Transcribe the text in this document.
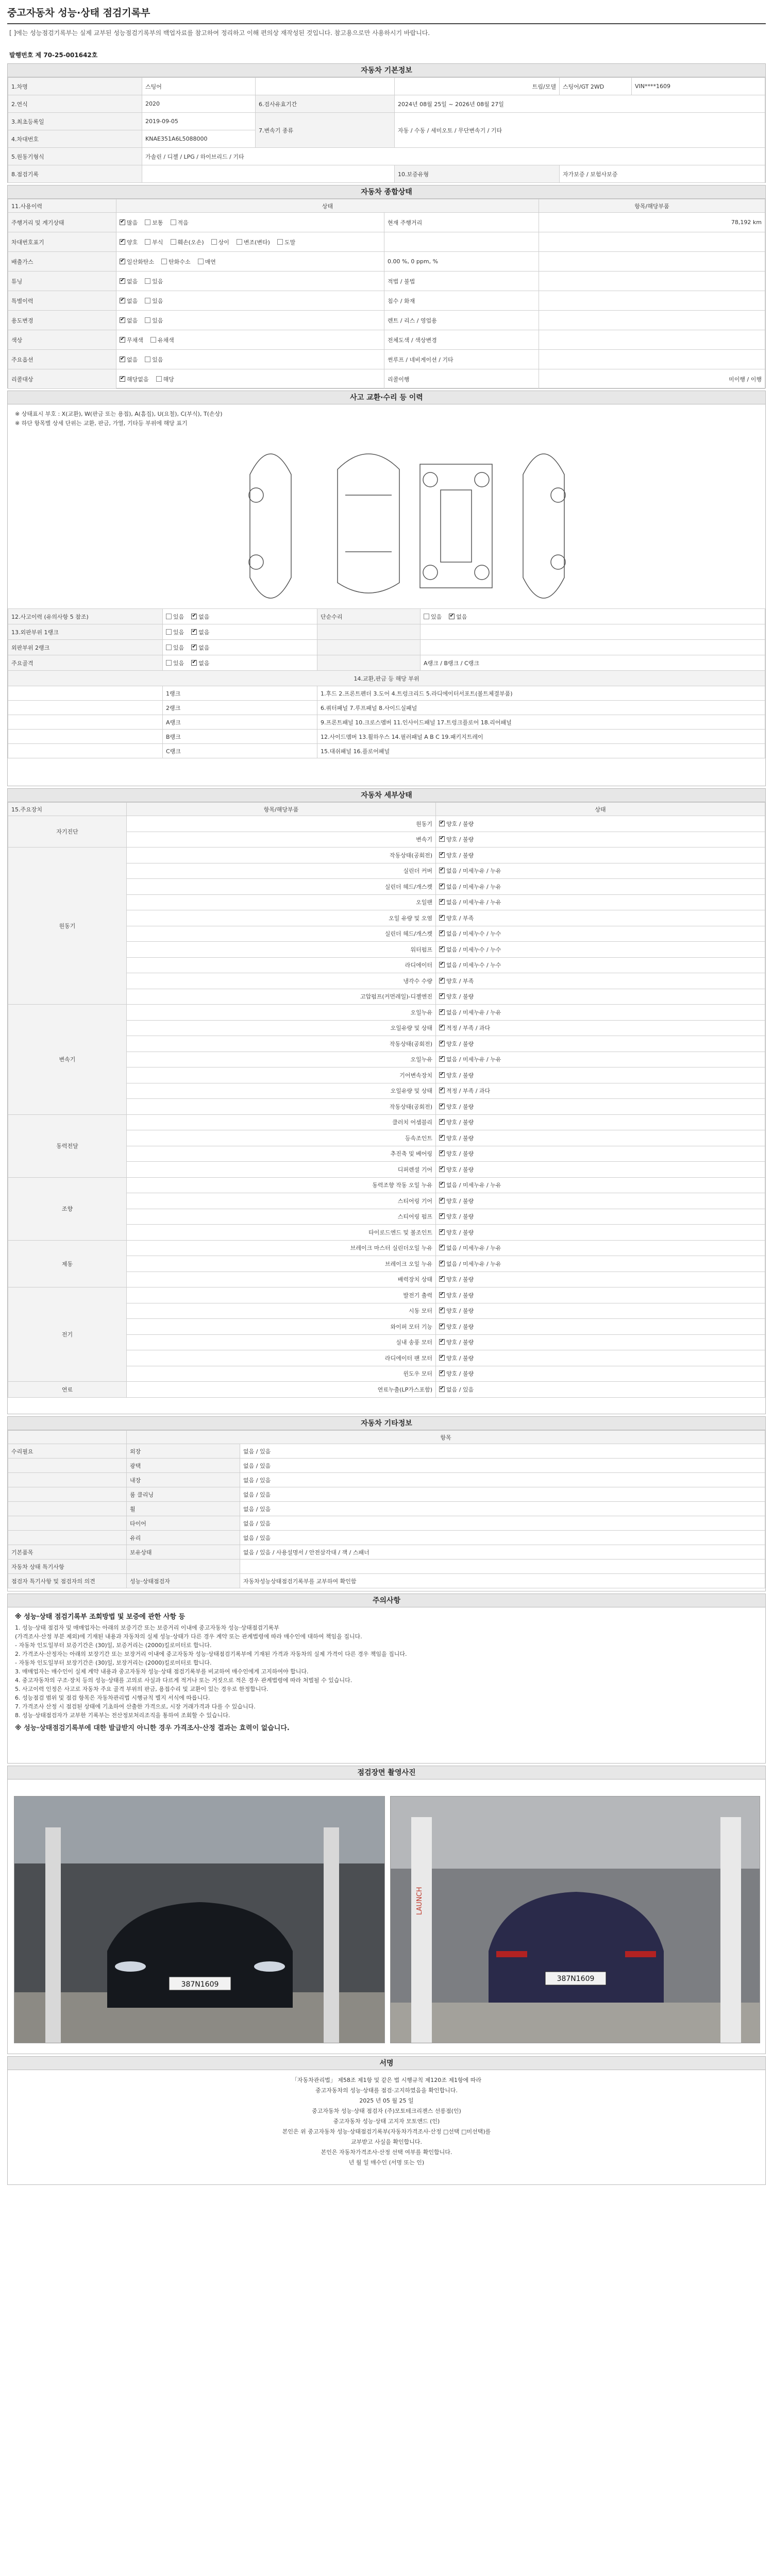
중고자동차 성능·상태 점검기록부
[ ]에는 성능점검기록부는 실제 교부된 성능점검기록부의 백업자료를 참고하여 정리하고 이해 편의상 재작성된 것입니다. 참고용으로만 사용하시기 바랍니다.
발행번호 제 70-25-001642호
자동차 기본정보
1.차명	스팅어		트림/모델	스팅어/GT 2WD	VIN****1609
2.연식	2020	6.검사유효기간	2024년 08월 25일 ~ 2026년 08월 27일		
3.최초등록일	2019-09-05	7.변속기 종류	자동 / 수동 / 세미오토 / 무단변속기 / 기타		
4.차대번호	KNAE351A6L5088000				
5.원동기형식	가솔린 / 디젤 / LPG / 하이브리드 / 기타				
8.점검기록			10.보증유형	자가보증 / 보험사보증	
자동차 종합상태
11.사용이력	상태		항목/해당부품
주행거리 및 계기상태	✔많음 보통 적음	현재 주행거리	78,192 km
차대번호표기	✔양호 부식 훼손(오손) 상이 변조(변타) 도말		
배출가스	✔일산화탄소 탄화수소 매연	0.00 %, 0 ppm, %	
튜닝	✔없음 있음	적법 / 불법	
특별이력	✔없음 있음	침수 / 화재	
용도변경	✔없음 있음	렌트 / 리스 / 영업용	
색상	✔무채색 유채색	전체도색 / 색상변경	
주요옵션	✔없음 있음	썬루프 / 네비게이션 / 기타	
리콜대상	✔해당없음 해당	리콜이행	미이행 / 이행
사고 교환·수리 등 이력
※ 상태표시 부호 : X(교환), W(판금 또는 용접), A(흠집), U(요철), C(부식), T(손상)
※ 하단 항목별 상세 단위는 교환, 판금, 가열, 기타등 부위에 해당 표기
12.사고이력 (유의사항 5 참조)	있음 ✔ 없음	단순수리	있음 ✔ 없음
13.외판부위 1랭크	있음 ✔ 없음		
외판부위 2랭크	있음 ✔ 없음		
주요골격	있음 ✔ 없음		A랭크 / B랭크 / C랭크
14.교환,판금 등 해당 부위			
	1랭크	1.후드 2.프론트펜더 3.도어 4.트렁크리드 5.라디에이터서포트(볼트체결부품)	
	2랭크	6.쿼터패널 7.루프패널 8.사이드실패널	
	A랭크	9.프론트패널 10.크로스멤버 11.인사이드패널 17.트렁크플로어 18.리어패널	
	B랭크	12.사이드멤버 13.휠하우스 14.필러패널 A B C 19.패키지트레이	
	C랭크	15.대쉬패널 16.플로어패널	
자동차 세부상태
15.주요장치	항목/해당부품	상태
자기진단	원동기	✔양호 / 불량
	변속기	✔양호 / 불량
원동기	작동상태(공회전)	✔양호 / 불량
	실린더 커버	✔없음 / 미세누유 / 누유
	실린더 헤드/개스켓	✔없음 / 미세누유 / 누유
	오일팬	✔없음 / 미세누유 / 누유
	오일 유량 및 오염	✔양호 / 부족
	실린더 헤드/개스켓	✔없음 / 미세누수 / 누수
	워터펌프	✔없음 / 미세누수 / 누수
	라디에이터	✔없음 / 미세누수 / 누수
	냉각수 수량	✔양호 / 부족
	고압펌프(커먼레일)-디젤엔진	✔양호 / 불량
변속기	오일누유	✔없음 / 미세누유 / 누유
	오일유량 및 상태	✔적정 / 부족 / 과다
	작동상태(공회전)	✔양호 / 불량
	오일누유	✔없음 / 미세누유 / 누유
	기어변속장치	✔양호 / 불량
	오일유량 및 상태	✔적정 / 부족 / 과다
	작동상태(공회전)	✔양호 / 불량
동력전달	클러치 어셈블리	✔양호 / 불량
	등속조인트	✔양호 / 불량
	추진축 및 베어링	✔양호 / 불량
	디퍼렌셜 기어	✔양호 / 불량
조향	동력조향 작동 오일 누유	✔없음 / 미세누유 / 누유
	스티어링 기어	✔양호 / 불량
	스티어링 펌프	✔양호 / 불량
	타이로드엔드 및 볼조인트	✔양호 / 불량
제동	브레이크 마스터 실린더오일 누유	✔없음 / 미세누유 / 누유
	브레이크 오일 누유	✔없음 / 미세누유 / 누유
	배력장치 상태	✔양호 / 불량
전기	발전기 출력	✔양호 / 불량
	시동 모터	✔양호 / 불량
	와이퍼 모터 기능	✔양호 / 불량
	실내 송풍 모터	✔양호 / 불량
	라디에이터 팬 모터	✔양호 / 불량
	윈도우 모터	✔양호 / 불량
연료	연료누출(LP가스포함)	✔없음 / 있음
자동차 기타정보
	항목	
수리필요	외장	없음 / 있음
	광택	없음 / 있음
	내장	없음 / 있음
	룸 클리닝	없음 / 있음
	휠	없음 / 있음
	타이어	없음 / 있음
	유리	없음 / 있음
기본품목	보유상태	없음 / 있음 / 사용설명서 / 안전삼각대 / 잭 / 스패너
자동차 상태 특기사항		
점검자 특기사항 및 점검자의 의견	성능·상태점검자	자동차성능상태점검기록부를 교부하여 확인함
주의사항
※ 성능·상태 점검기록부 조회방법 및 보증에 관한 사항 등
1. 성능·상태 점검자 및 매매업자는 아래의 보증기간 또는 보증거리 이내에 중고자동차 성능·상태점검기록부
(가격조사·산정 부분 제외)에 기재된 내용과 자동차의 실제 성능·상태가 다른 경우 계약 또는 관계법령에 따라 매수인에 대하여 책임을 집니다.
- 자동차 인도일부터 보증기간은 (30)일, 보증거리는 (2000)킬로미터로 합니다.
2. 가격조사·산정자는 아래의 보장기간 또는 보장거리 이내에 중고자동차 성능·상태점검기록부에 기재된 가격과 자동차의 실제 가격이 다른 경우 책임을 집니다.
- 자동차 인도일부터 보장기간은 (30)일, 보장거리는 (2000)킬로미터로 합니다.
3. 매매업자는 매수인이 실제 계약 내용과 중고자동차 성능·상태 점검기록부를 비교하여 매수인에게 고지하여야 합니다.
4. 중고자동차의 구조·장치 등의 성능·상태를 고의로 사실과 다르게 적거나 또는 거짓으로 적은 경우 관계법령에 따라 처벌될 수 있습니다.
5. 사고이력 인정은 사고로 자동차 주요 골격 부위의 판금, 용접수리 및 교환이 있는 경우로 한정합니다.
6. 성능점검 범위 및 점검 항목은 자동차관리법 시행규칙 별지 서식에 따릅니다.
7. 가격조사 산정 시 점검된 상태에 기초하여 산출한 가격으로, 시장 거래가격과 다를 수 있습니다.
8. 성능·상태점검자가 교부한 기록부는 전산정보처리조직을 통하여 조회할 수 있습니다.
※ 성능·상태점검기록부에 대한 발급받지 아니한 경우 가격조사·산정 결과는 효력이 없습니다.
점검장면 촬영사진
387N1609
LAUNCH
387N1609
서명
「자동차관리법」 제58조 제1항 및 같은 법 시행규칙 제120조 제1항에 따라
중고자동차의 성능·상태를 점검·고지하였음을 확인합니다.
2025 년 05 월 25 일
중고자동차 성능·상태 점검자 (주)모토테크리젠스 선릉점(인)
중고자동차 성능·상태 고지자 모토앤드 (인)
본인은 위 중고자동차 성능·상태점검기록부(자동차가격조사·산정 □선택 □미선택)를
교부받고 사실을 확인합니다.
본인은 자동차가격조사·산정 선택 여부를 확인합니다.
년 월 일 매수인 (서명 또는 인)
